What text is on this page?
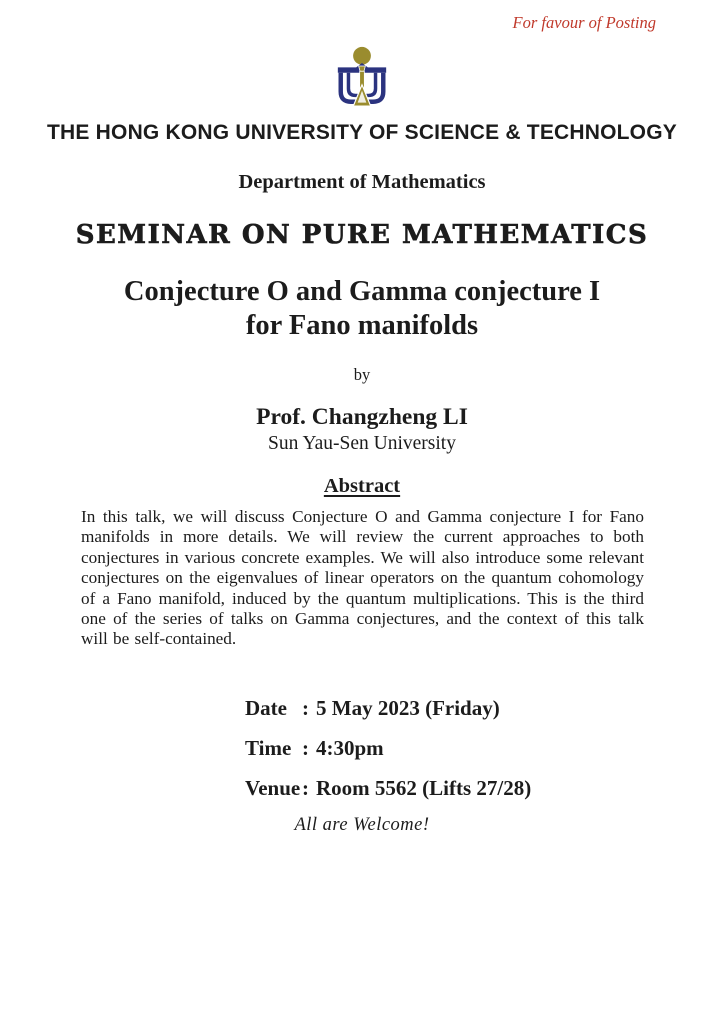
For favour of Posting
THE HONG KONG UNIVERSITY OF SCIENCE & TECHNOLOGY
Department of Mathematics
SEMINAR ON PURE MATHEMATICS
Conjecture O and Gamma conjecture I
for Fano manifolds
by
Prof. Changzheng LI
Sun Yau-Sen University
Abstract
In this talk, we will discuss Conjecture O and Gamma conjecture I for Fano manifolds in more details. We will review the current approaches to both conjectures in various concrete examples. We will also introduce some relevant conjectures on the eigenvalues of linear operators on the quantum cohomology of a Fano manifold, induced by the quantum multiplications. This is the third one of the series of talks on Gamma conjectures, and the context of this talk will be self-contained.
Date : 5 May 2023 (Friday)
Time : 4:30pm
Venue : Room 5562 (Lifts 27/28)
All are Welcome!
